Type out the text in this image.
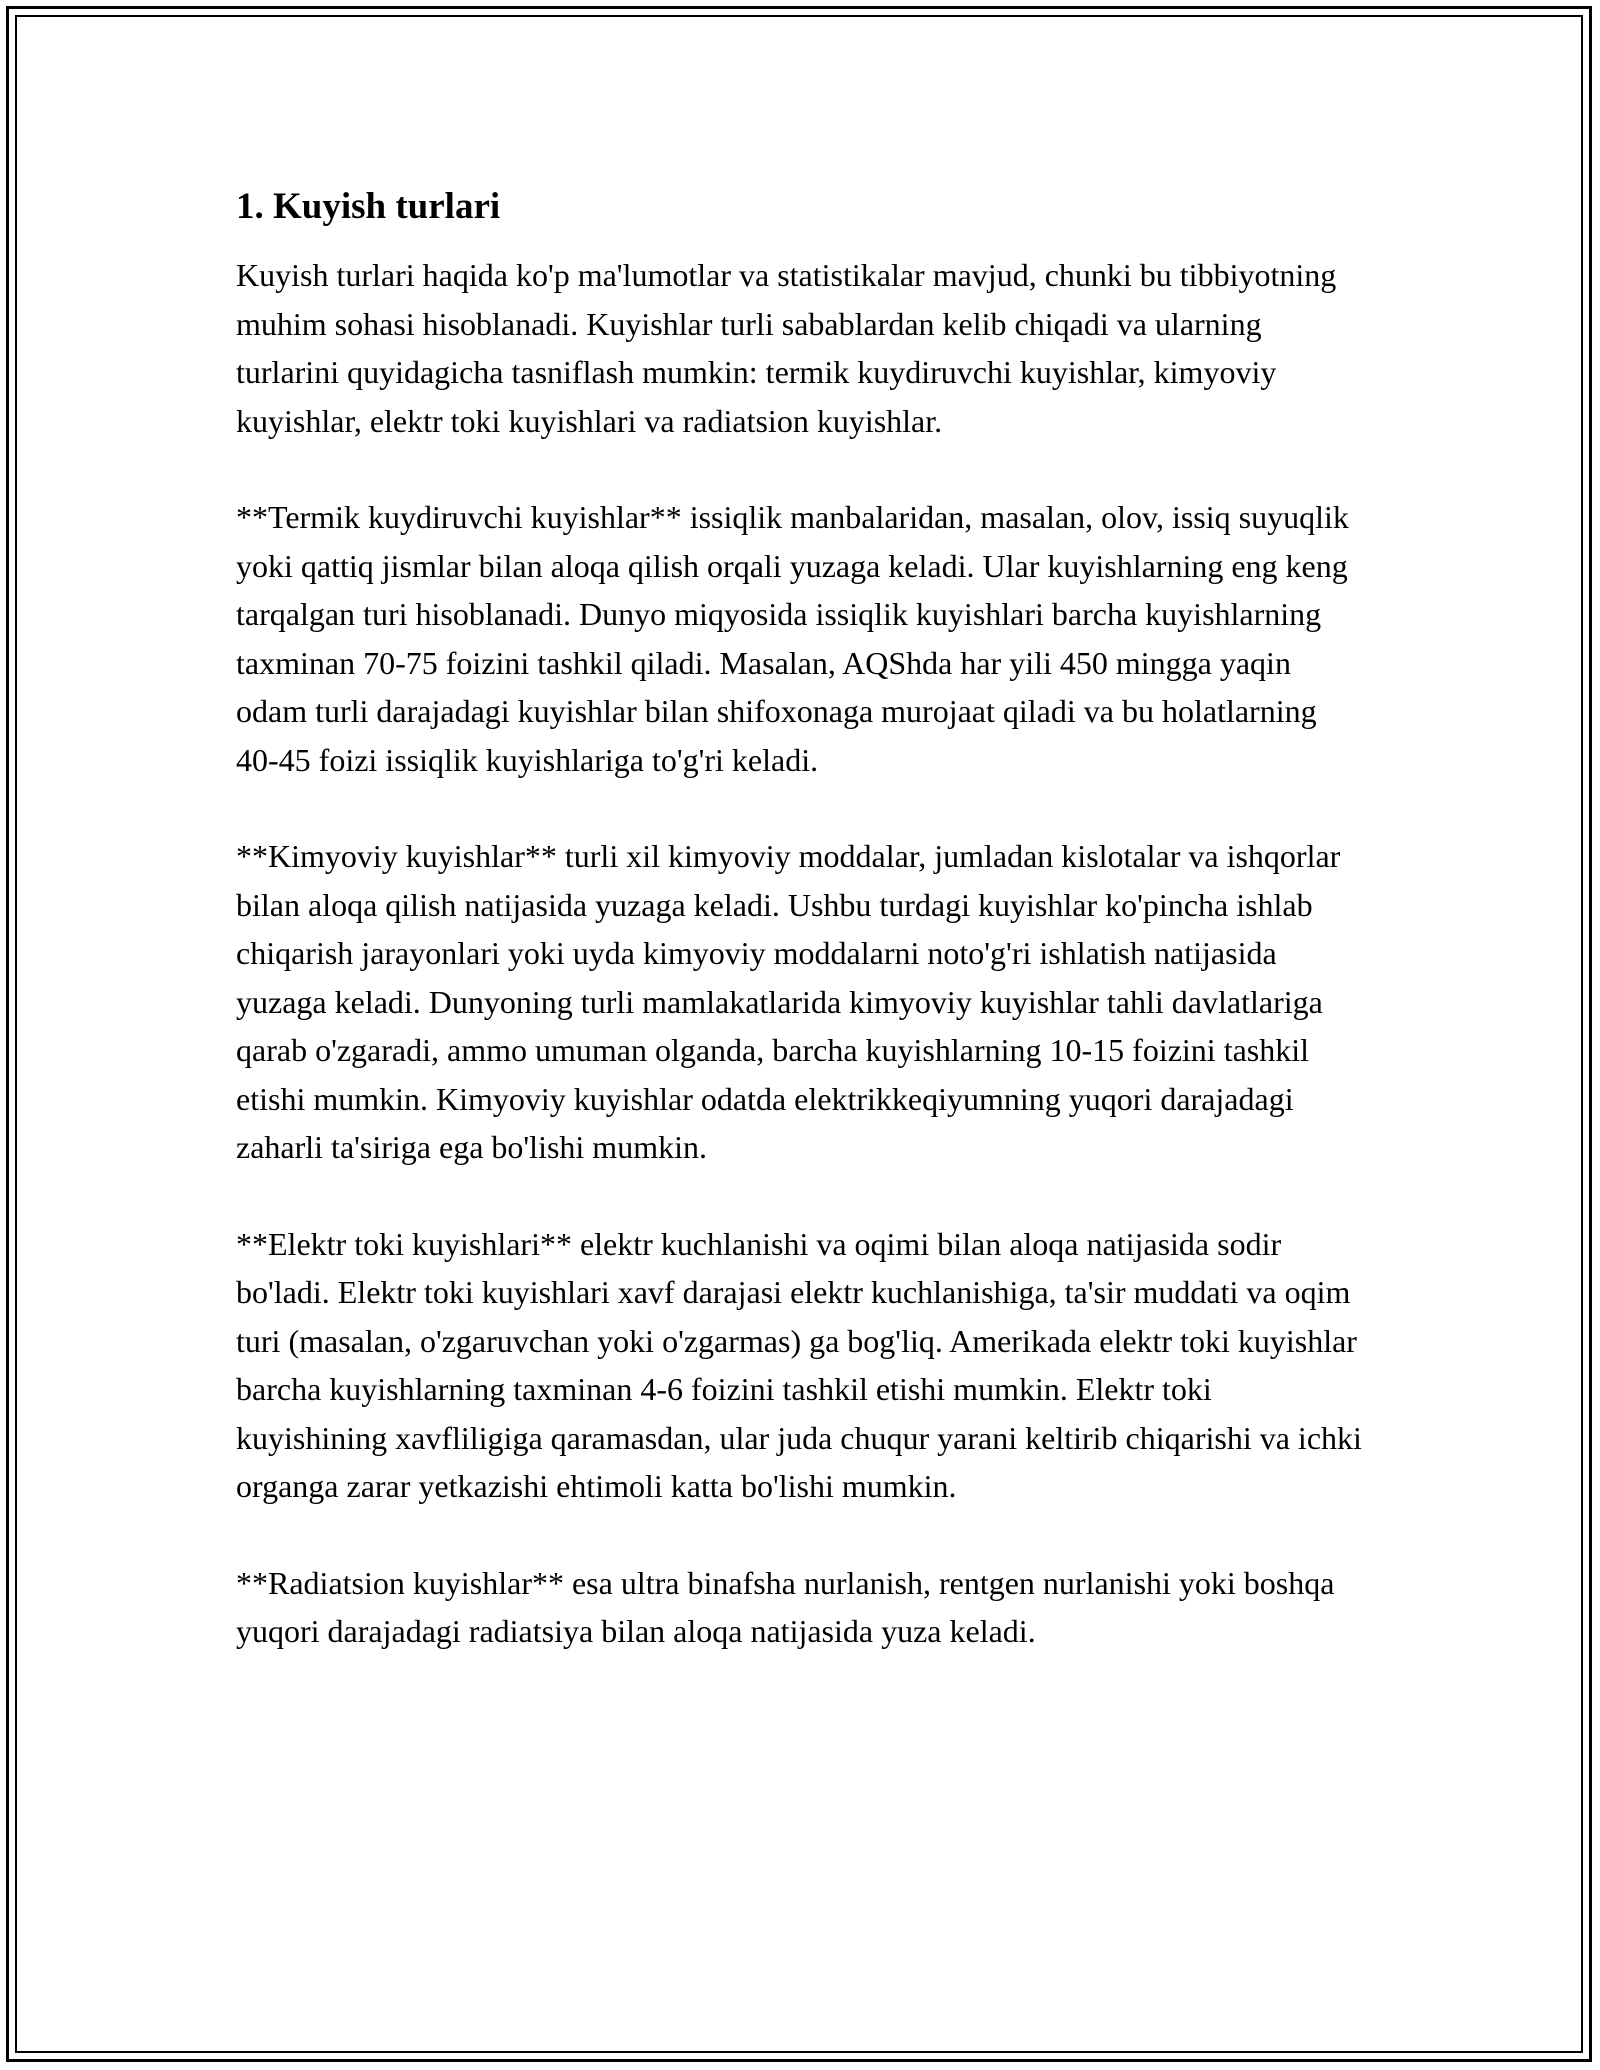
1. Kuyish turlari

Kuyish turlari haqida ko'p ma'lumotlar va statistikalar mavjud, chunki bu tibbiyotning muhim sohasi hisoblanadi. Kuyishlar turli sabablardan kelib chiqadi va ularning turlarini quyidagicha tasniflash mumkin: termik kuydiruvchi kuyishlar, kimyoviy kuyishlar, elektr toki kuyishlari va radiatsion kuyishlar.

**Termik kuydiruvchi kuyishlar** issiqlik manbalaridan, masalan, olov, issiq suyuqlik yoki qattiq jismlar bilan aloqa qilish orqali yuzaga keladi. Ular kuyishlarning eng keng tarqalgan turi hisoblanadi. Dunyo miqyosida issiqlik kuyishlari barcha kuyishlarning taxminan 70-75 foizini tashkil qiladi. Masalan, AQShda har yili 450 mingga yaqin odam turli darajadagi kuyishlar bilan shifoxonaga murojaat qiladi va bu holatlarning 40-45 foizi issiqlik kuyishlariga to'g'ri keladi.

**Kimyoviy kuyishlar** turli xil kimyoviy moddalar, jumladan kislotalar va ishqorlar bilan aloqa qilish natijasida yuzaga keladi. Ushbu turdagi kuyishlar ko'pincha ishlab chiqarish jarayonlari yoki uyda kimyoviy moddalarni noto'g'ri ishlatish natijasida yuzaga keladi. Dunyoning turli mamlakatlarida kimyoviy kuyishlar tahli davlatlariga qarab o'zgaradi, ammo umuman olganda, barcha kuyishlarning 10-15 foizini tashkil etishi mumkin. Kimyoviy kuyishlar odatda elektrikkeqiyumning yuqori darajadagi zaharli ta'siriga ega bo'lishi mumkin.

**Elektr toki kuyishlari** elektr kuchlanishi va oqimi bilan aloqa natijasida sodir bo'ladi. Elektr toki kuyishlari xavf darajasi elektr kuchlanishiga, ta'sir muddati va oqim turi (masalan, o'zgaruvchan yoki o'zgarmas) ga bog'liq. Amerikada elektr toki kuyishlar barcha kuyishlarning taxminan 4-6 foizini tashkil etishi mumkin. Elektr toki kuyishining xavfliligiga qaramasdan, ular juda chuqur yarani keltirib chiqarishi va ichki organga zarar yetkazishi ehtimoli katta bo'lishi mumkin.

**Radiatsion kuyishlar** esa ultra binafsha nurlanish, rentgen nurlanishi yoki boshqa yuqori darajadagi radiatsiya bilan aloqa natijasida yuza keladi.
